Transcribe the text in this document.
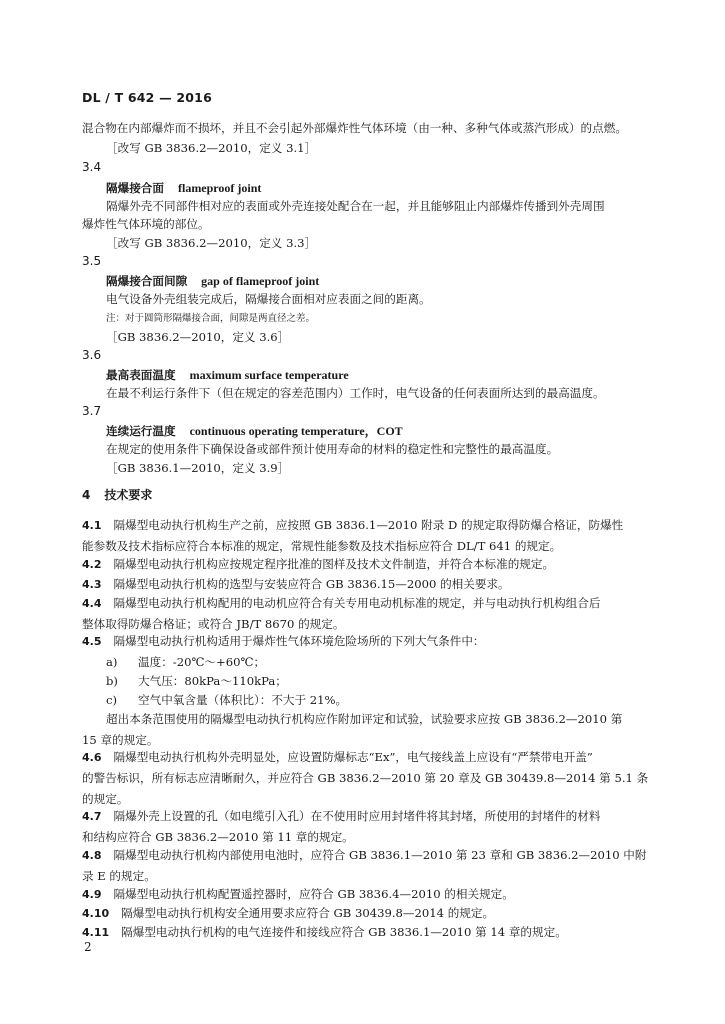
DL / T 642 — 2016
混合物在内部爆炸而不损坏，并且不会引起外部爆炸性气体环境（由一种、多种气体或蒸汽形成）的点燃。
［改写 GB 3836.2—2010，定义 3.1］
3.4
隔爆接合面 flameproof joint
隔爆外壳不同部件相对应的表面或外壳连接处配合在一起，并且能够阻止内部爆炸传播到外壳周围
爆炸性气体环境的部位。
［改写 GB 3836.2—2010，定义 3.3］
3.5
隔爆接合面间隙 gap of flameproof joint
电气设备外壳组装完成后，隔爆接合面相对应表面之间的距离。
注：对于圆筒形隔爆接合面，间隙是两直径之差。
［GB 3836.2—2010，定义 3.6］
3.6
最高表面温度 maximum surface temperature
在最不利运行条件下（但在规定的容差范围内）工作时，电气设备的任何表面所达到的最高温度。
3.7
连续运行温度 continuous operating temperature，COT
在规定的使用条件下确保设备或部件预计使用寿命的材料的稳定性和完整性的最高温度。
［GB 3836.1—2010，定义 3.9］
4 技术要求
4.1 隔爆型电动执行机构生产之前，应按照 GB 3836.1—2010 附录 D 的规定取得防爆合格证，防爆性
能参数及技术指标应符合本标准的规定，常规性能参数及技术指标应符合 DL/T 641 的规定。
4.2 隔爆型电动执行机构应按规定程序批准的图样及技术文件制造，并符合本标准的规定。
4.3 隔爆型电动执行机构的选型与安装应符合 GB 3836.15—2000 的相关要求。
4.4 隔爆型电动执行机构配用的电动机应符合有关专用电动机标准的规定，并与电动执行机构组合后
整体取得防爆合格证；或符合 JB/T 8670 的规定。
4.5 隔爆型电动执行机构适用于爆炸性气体环境危险场所的下列大气条件中：
a) 温度：-20℃～+60℃；
b) 大气压：80kPa～110kPa；
c) 空气中氧含量（体积比）：不大于 21%。
超出本条范围使用的隔爆型电动执行机构应作附加评定和试验，试验要求应按 GB 3836.2—2010 第
15 章的规定。
4.6 隔爆型电动执行机构外壳明显处，应设置防爆标志“Ex”，电气接线盖上应设有“严禁带电开盖”
的警告标识，所有标志应清晰耐久，并应符合 GB 3836.2—2010 第 20 章及 GB 30439.8—2014 第 5.1 条
的规定。
4.7 隔爆外壳上设置的孔（如电缆引入孔）在不使用时应用封堵件将其封堵，所使用的封堵件的材料
和结构应符合 GB 3836.2—2010 第 11 章的规定。
4.8 隔爆型电动执行机构内部使用电池时，应符合 GB 3836.1—2010 第 23 章和 GB 3836.2—2010 中附
录 E 的规定。
4.9 隔爆型电动执行机构配置遥控器时，应符合 GB 3836.4—2010 的相关规定。
4.10 隔爆型电动执行机构安全通用要求应符合 GB 30439.8—2014 的规定。
4.11 隔爆型电动执行机构的电气连接件和接线应符合 GB 3836.1—2010 第 14 章的规定。
2
